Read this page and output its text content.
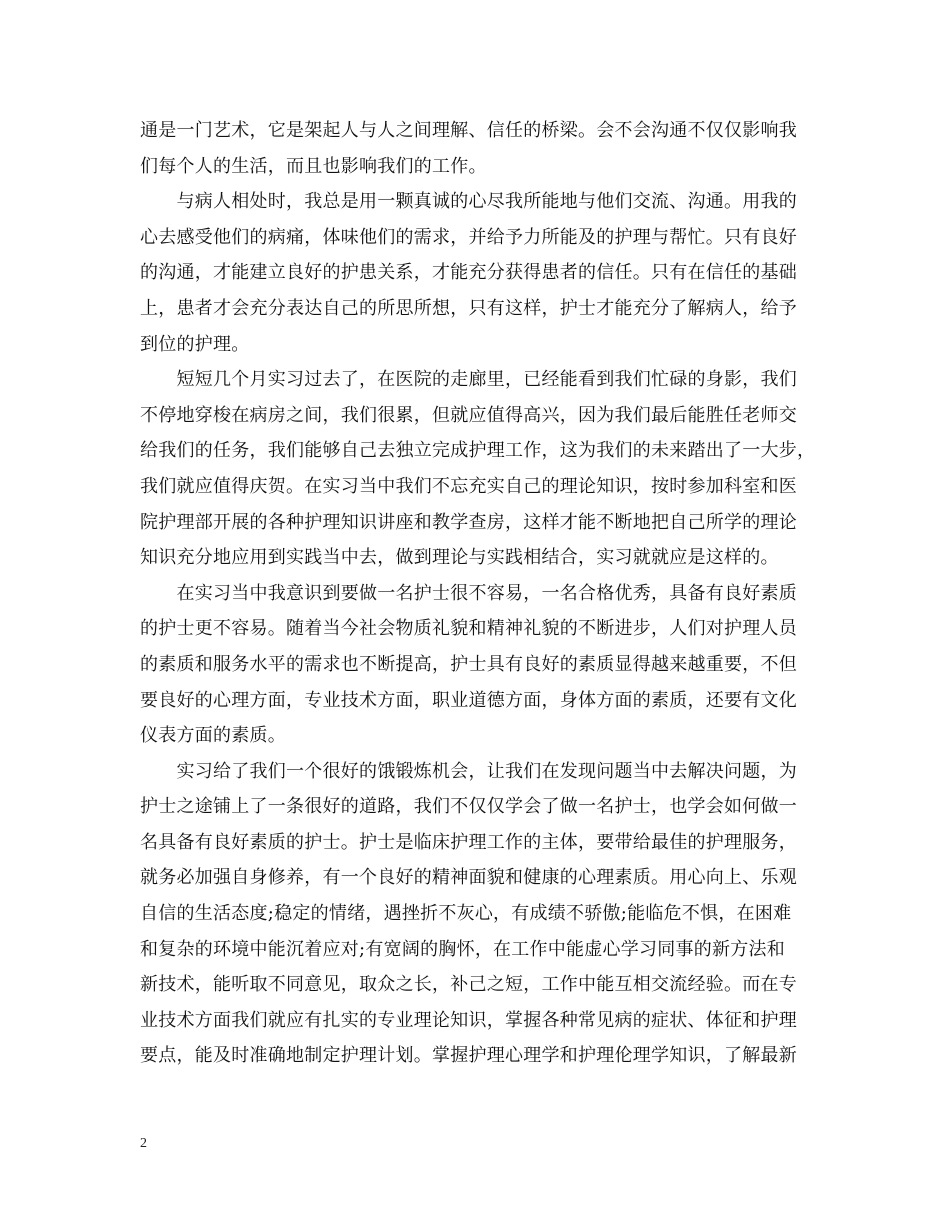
通是一门艺术，它是架起人与人之间理解、信任的桥梁。会不会沟通不仅仅影响我
们每个人的生活，而且也影响我们的工作。
　　与病人相处时，我总是用一颗真诚的心尽我所能地与他们交流、沟通。用我的
心去感受他们的病痛，体味他们的需求，并给予力所能及的护理与帮忙。只有良好
的沟通，才能建立良好的护患关系，才能充分获得患者的信任。只有在信任的基础
上，患者才会充分表达自己的所思所想，只有这样，护士才能充分了解病人，给予
到位的护理。
　　短短几个月实习过去了，在医院的走廊里，已经能看到我们忙碌的身影，我们
不停地穿梭在病房之间，我们很累，但就应值得高兴，因为我们最后能胜任老师交
给我们的任务，我们能够自己去独立完成护理工作，这为我们的未来踏出了一大步，
我们就应值得庆贺。在实习当中我们不忘充实自己的理论知识，按时参加科室和医
院护理部开展的各种护理知识讲座和教学查房，这样才能不断地把自己所学的理论
知识充分地应用到实践当中去，做到理论与实践相结合，实习就就应是这样的。
　　在实习当中我意识到要做一名护士很不容易，一名合格优秀，具备有良好素质
的护士更不容易。随着当今社会物质礼貌和精神礼貌的不断进步，人们对护理人员
的素质和服务水平的需求也不断提高，护士具有良好的素质显得越来越重要，不但
要良好的心理方面，专业技术方面，职业道德方面，身体方面的素质，还要有文化
仪表方面的素质。
　　实习给了我们一个很好的饿锻炼机会，让我们在发现问题当中去解决问题，为
护士之途铺上了一条很好的道路，我们不仅仅学会了做一名护士，也学会如何做一
名具备有良好素质的护士。护士是临床护理工作的主体，要带给最佳的护理服务，
就务必加强自身修养，有一个良好的精神面貌和健康的心理素质。用心向上、乐观
自信的生活态度;稳定的情绪，遇挫折不灰心，有成绩不骄傲;能临危不惧，在困难
和复杂的环境中能沉着应对;有宽阔的胸怀，在工作中能虚心学习同事的新方法和
新技术，能听取不同意见，取众之长，补己之短，工作中能互相交流经验。而在专
业技术方面我们就应有扎实的专业理论知识，掌握各种常见病的症状、体征和护理
要点，能及时准确地制定护理计划。掌握护理心理学和护理伦理学知识，了解最新
2
